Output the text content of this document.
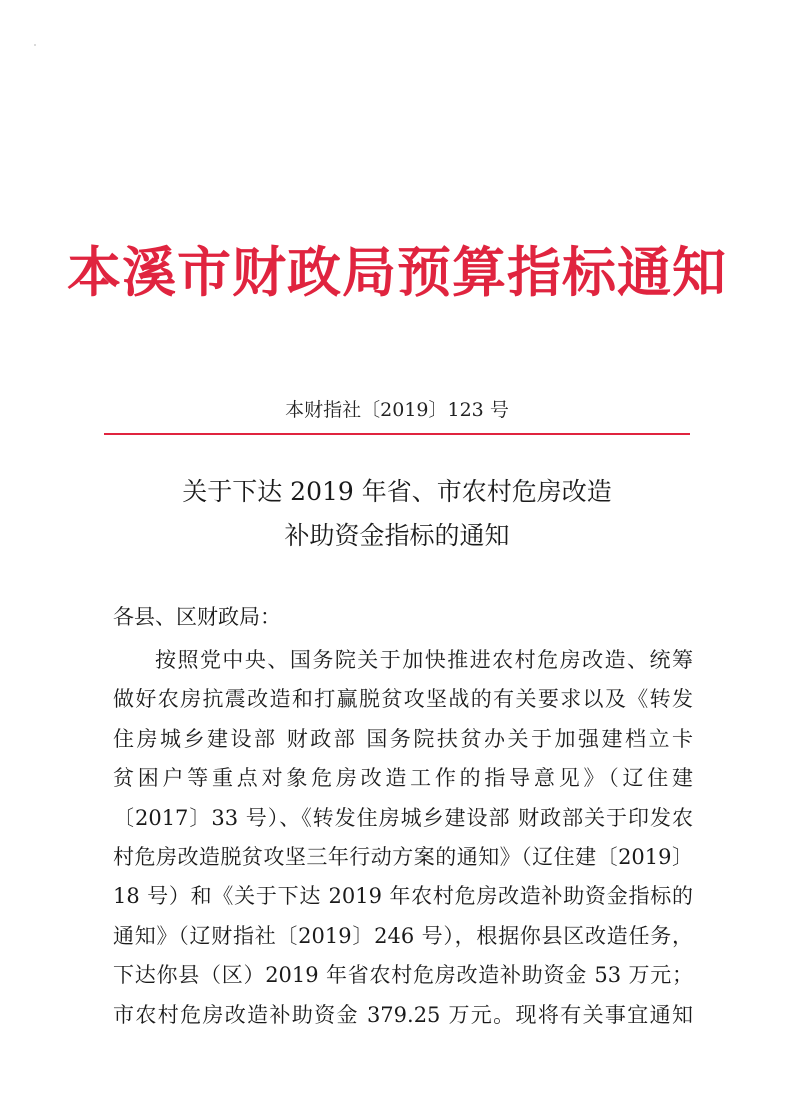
本溪市财政局预算指标通知
本财指社〔2019〕123 号
关于下达 2019 年省、市农村危房改造
补助资金指标的通知
各县、区财政局：
按照党中央、国务院关于加快推进农村危房改造、统筹
做好农房抗震改造和打赢脱贫攻坚战的有关要求以及《转发
住房城乡建设部 财政部 国务院扶贫办关于加强建档立卡
贫困户等重点对象危房改造工作的指导意见》（辽住建
〔2017〕33 号）、《转发住房城乡建设部 财政部关于印发农
村危房改造脱贫攻坚三年行动方案的通知》（辽住建〔2019〕
18 号）和《关于下达 2019 年农村危房改造补助资金指标的
通知》（辽财指社〔2019〕246 号），根据你县区改造任务，
下达你县（区）2019 年省农村危房改造补助资金 53 万元；
市农村危房改造补助资金 379.25 万元。现将有关事宜通知
